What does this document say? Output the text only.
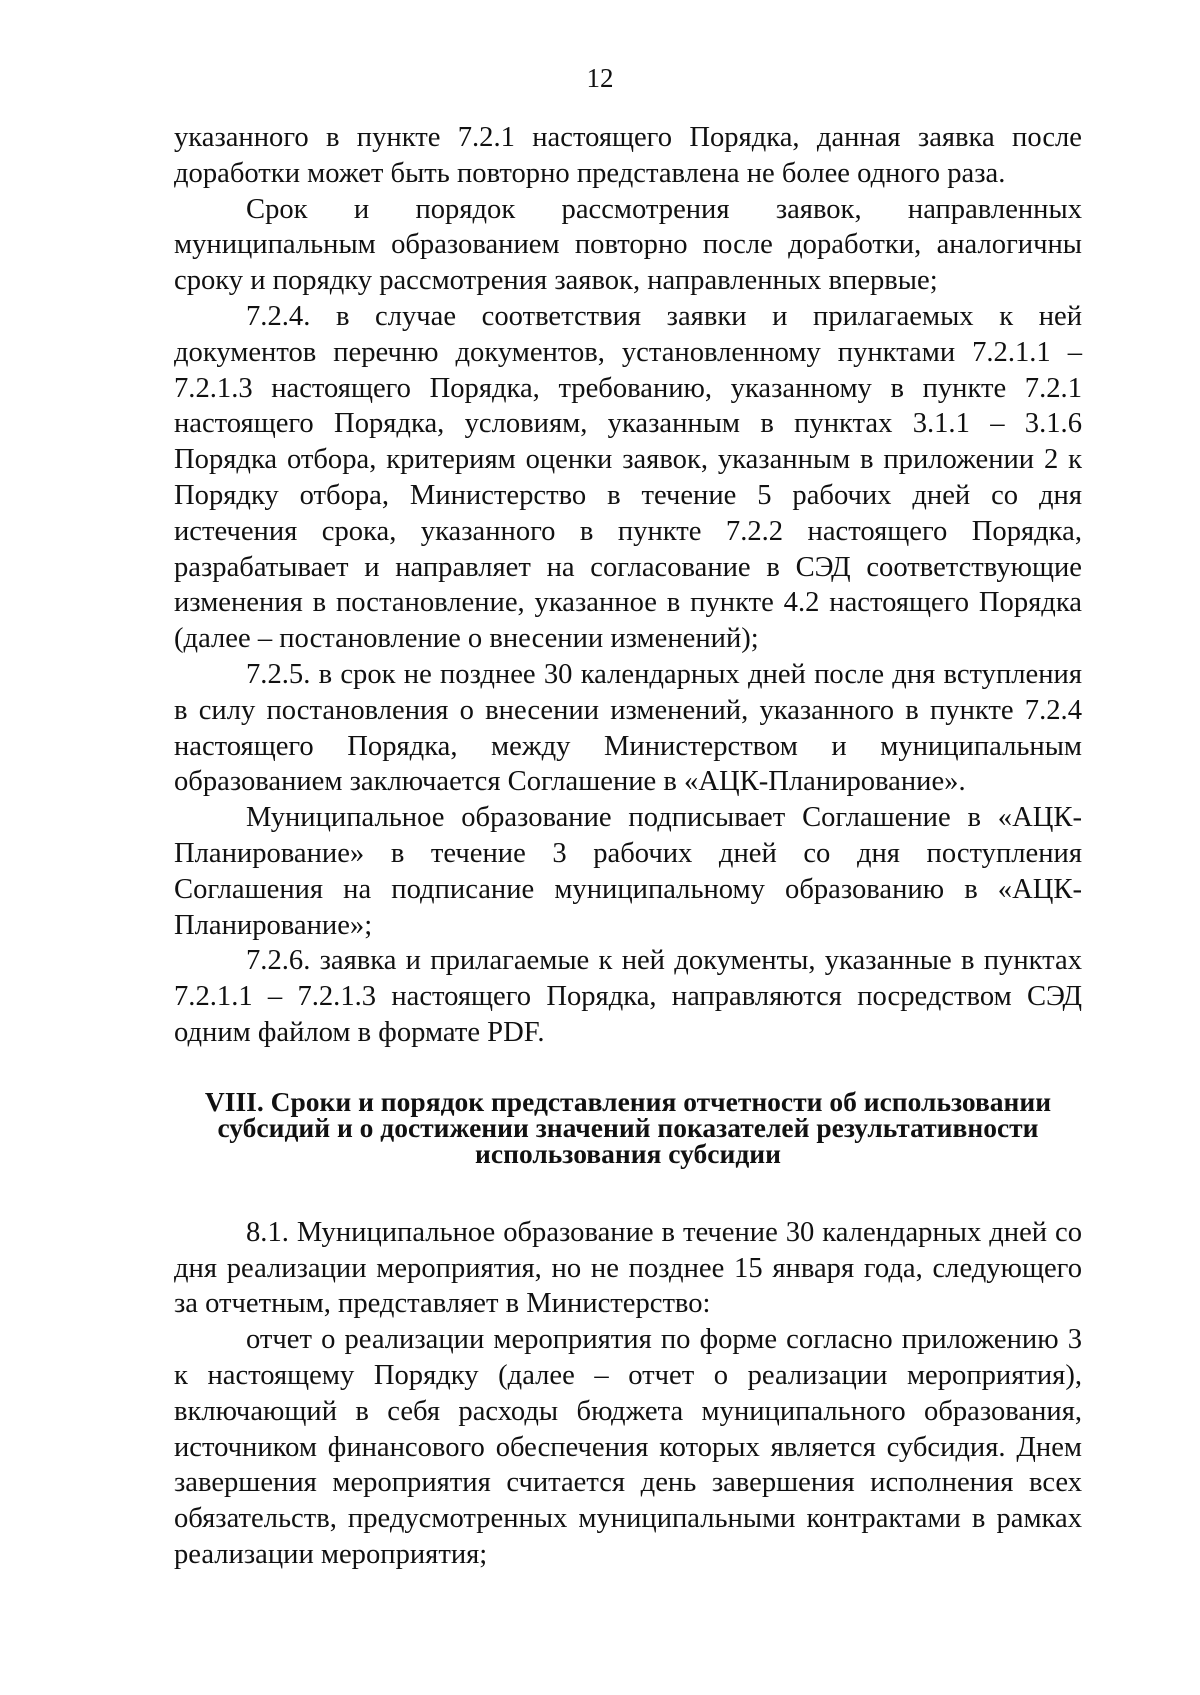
12

указанного в пункте 7.2.1 настоящего Порядка, данная заявка после доработки может быть повторно представлена не более одного раза.

Срок и порядок рассмотрения заявок, направленных муниципальным образованием повторно после доработки, аналогичны сроку и порядку рассмотрения заявок, направленных впервые;

7.2.4. в случае соответствия заявки и прилагаемых к ней документов перечню документов, установленному пунктами 7.2.1.1 – 7.2.1.3 настоящего Порядка, требованию, указанному в пункте 7.2.1 настоящего Порядка, условиям, указанным в пунктах 3.1.1 – 3.1.6 Порядка отбора, критериям оценки заявок, указанным в приложении 2 к Порядку отбора, Министерство в течение 5 рабочих дней со дня истечения срока, указанного в пункте 7.2.2 настоящего Порядка, разрабатывает и направляет на согласование в СЭД соответствующие изменения в постановление, указанное в пункте 4.2 настоящего Порядка (далее – постановление о внесении изменений);

7.2.5. в срок не позднее 30 календарных дней после дня вступления в силу постановления о внесении изменений, указанного в пункте 7.2.4 настоящего Порядка, между Министерством и муниципальным образованием заключается Соглашение в «АЦК-Планирование».

Муниципальное образование подписывает Соглашение в «АЦК-Планирование» в течение 3 рабочих дней со дня поступления Соглашения на подписание муниципальному образованию в «АЦК-Планирование»;

7.2.6. заявка и прилагаемые к ней документы, указанные в пунктах 7.2.1.1 – 7.2.1.3 настоящего Порядка, направляются посредством СЭД одним файлом в формате PDF.

VIII. Сроки и порядок представления отчетности об использовании субсидий и о достижении значений показателей результативности использования субсидии

8.1. Муниципальное образование в течение 30 календарных дней со дня реализации мероприятия, но не позднее 15 января года, следующего за отчетным, представляет в Министерство:

отчет о реализации мероприятия по форме согласно приложению 3 к настоящему Порядку (далее – отчет о реализации мероприятия), включающий в себя расходы бюджета муниципального образования, источником финансового обеспечения которых является субсидия. Днем завершения мероприятия считается день завершения исполнения всех обязательств, предусмотренных муниципальными контрактами в рамках реализации мероприятия;
